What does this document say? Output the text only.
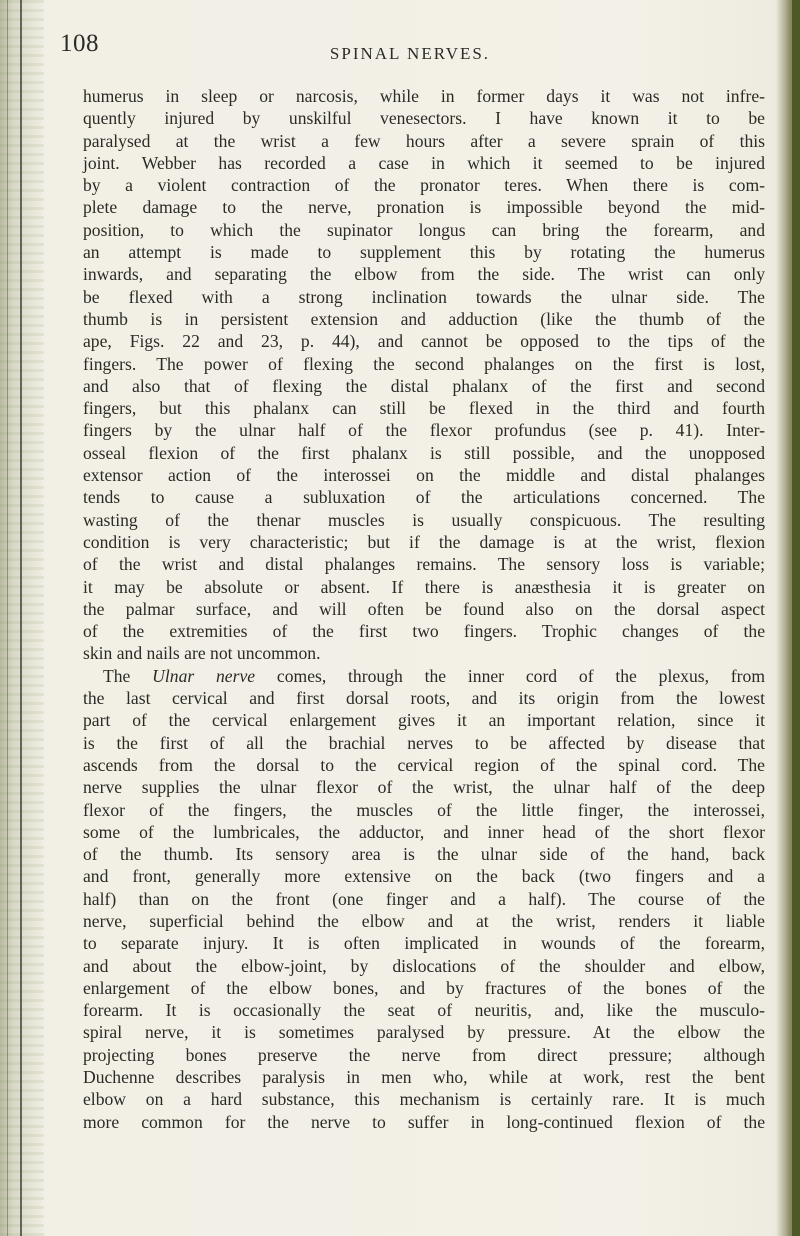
108	SPINAL NERVES.
humerus in sleep or narcosis, while in former days it was not infre-
quently injured by unskilful venesectors. I have known it to be
paralysed at the wrist a few hours after a severe sprain of this
joint. Webber has recorded a case in which it seemed to be injured
by a violent contraction of the pronator teres. When there is com-
plete damage to the nerve, pronation is impossible beyond the mid-
position, to which the supinator longus can bring the forearm, and
an attempt is made to supplement this by rotating the humerus
inwards, and separating the elbow from the side. The wrist can only
be flexed with a strong inclination towards the ulnar side. The
thumb is in persistent extension and adduction (like the thumb of the
ape, Figs. 22 and 23, p. 44), and cannot be opposed to the tips of the
fingers. The power of flexing the second phalanges on the first is lost,
and also that of flexing the distal phalanx of the first and second
fingers, but this phalanx can still be flexed in the third and fourth
fingers by the ulnar half of the flexor profundus (see p. 41). Inter-
osseal flexion of the first phalanx is still possible, and the unopposed
extensor action of the interossei on the middle and distal phalanges
tends to cause a subluxation of the articulations concerned. The
wasting of the thenar muscles is usually conspicuous. The resulting
condition is very characteristic; but if the damage is at the wrist, flexion
of the wrist and distal phalanges remains. The sensory loss is variable;
it may be absolute or absent. If there is anæsthesia it is greater on
the palmar surface, and will often be found also on the dorsal aspect
of the extremities of the first two fingers. Trophic changes of the
skin and nails are not uncommon.
The Ulnar nerve comes, through the inner cord of the plexus, from
the last cervical and first dorsal roots, and its origin from the lowest
part of the cervical enlargement gives it an important relation, since it
is the first of all the brachial nerves to be affected by disease that
ascends from the dorsal to the cervical region of the spinal cord. The
nerve supplies the ulnar flexor of the wrist, the ulnar half of the deep
flexor of the fingers, the muscles of the little finger, the interossei,
some of the lumbricales, the adductor, and inner head of the short flexor
of the thumb. Its sensory area is the ulnar side of the hand, back
and front, generally more extensive on the back (two fingers and a
half) than on the front (one finger and a half). The course of the
nerve, superficial behind the elbow and at the wrist, renders it liable
to separate injury. It is often implicated in wounds of the forearm,
and about the elbow-joint, by dislocations of the shoulder and elbow,
enlargement of the elbow bones, and by fractures of the bones of the
forearm. It is occasionally the seat of neuritis, and, like the musculo-
spiral nerve, it is sometimes paralysed by pressure. At the elbow the
projecting bones preserve the nerve from direct pressure; although
Duchenne describes paralysis in men who, while at work, rest the bent
elbow on a hard substance, this mechanism is certainly rare. It is much
more common for the nerve to suffer in long-continued flexion of the
